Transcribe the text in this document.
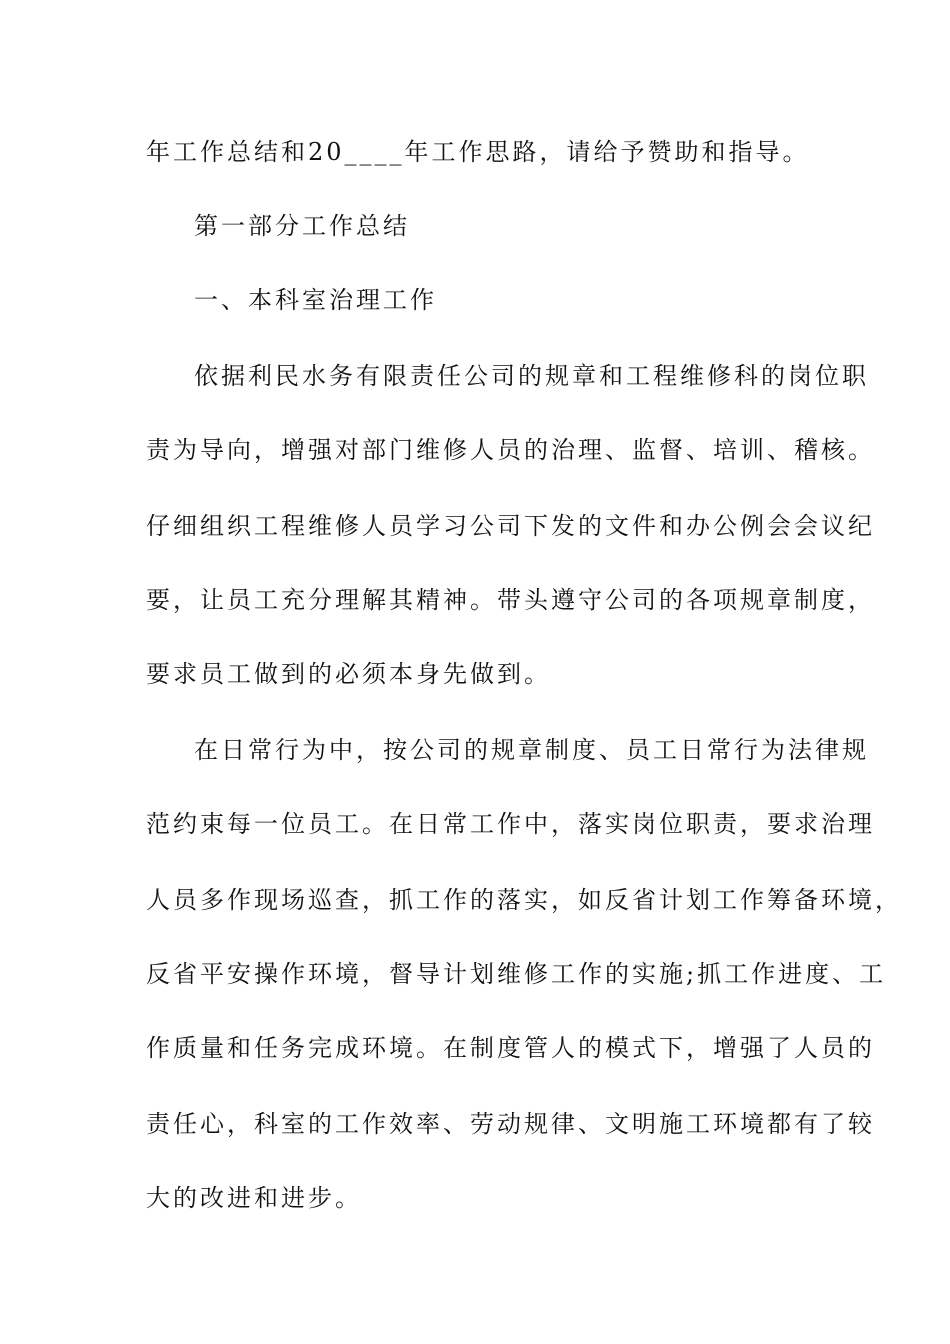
年工作总结和20____年工作思路，请给予赞助和指导。
第一部分工作总结
一、本科室治理工作
依据利民水务有限责任公司的规章和工程维修科的岗位职
责为导向，增强对部门维修人员的治理、监督、培训、稽核。
仔细组织工程维修人员学习公司下发的文件和办公例会会议纪
要，让员工充分理解其精神。带头遵守公司的各项规章制度，
要求员工做到的必须本身先做到。
在日常行为中，按公司的规章制度、员工日常行为法律规
范约束每一位员工。在日常工作中，落实岗位职责，要求治理
人员多作现场巡查，抓工作的落实，如反省计划工作筹备环境，
反省平安操作环境，督导计划维修工作的实施;抓工作进度、工
作质量和任务完成环境。在制度管人的模式下，增强了人员的
责任心，科室的工作效率、劳动规律、文明施工环境都有了较
大的改进和进步。
